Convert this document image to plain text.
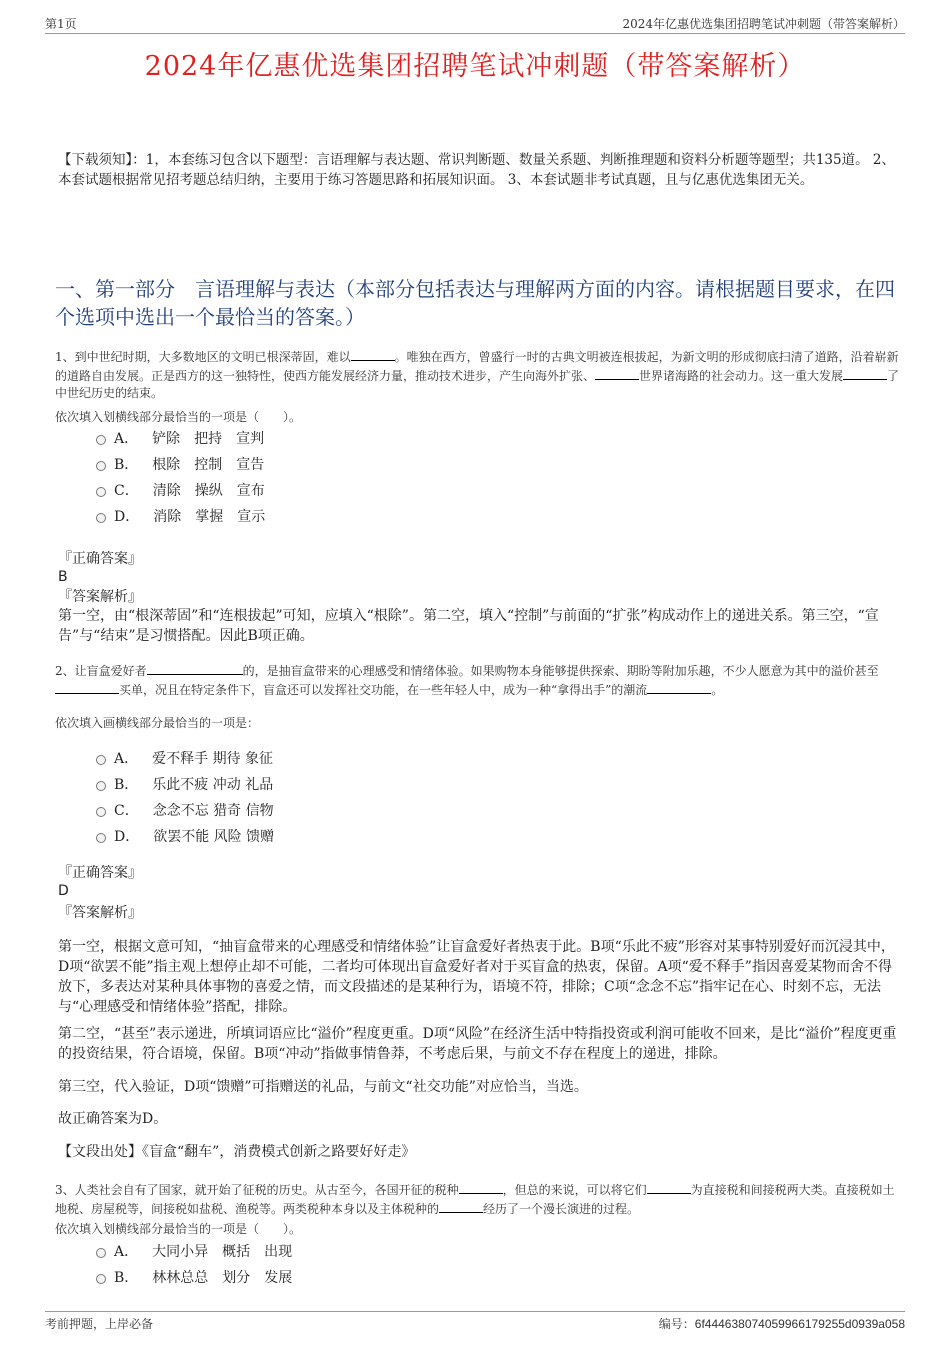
第1页	2024年亿惠优选集团招聘笔试冲刺题（带答案解析）
2024年亿惠优选集团招聘笔试冲刺题（带答案解析）
【下载须知】：1，本套练习包含以下题型：言语理解与表达题、常识判断题、数量关系题、判断推理题和资料分析题等题型；共135道。 2、本套试题根据常见招考题总结归纳，主要用于练习答题思路和拓展知识面。 3、本套试题非考试真题，且与亿惠优选集团无关。
一、第一部分　言语理解与表达（本部分包括表达与理解两方面的内容。请根据题目要求，在四个选项中选出一个最恰当的答案。）
1、到中世纪时期，大多数地区的文明已根深蒂固，难以	。唯独在西方，曾盛行一时的古典文明被连根拔起，为新文明的形成彻底扫清了道路，沿着崭新的道路自由发展。正是西方的这一独特性，使西方能发展经济力量，推动技术进步，产生向海外扩张、	世界诸海路的社会动力。这一重大发展	了中世纪历史的结束。
依次填入划横线部分最恰当的一项是（　　）。
A． 铲除　把持　宣判
B． 根除　控制　宣告
C． 清除　操纵　宣布
D． 消除　掌握　宣示
『正确答案』
B
『答案解析』
第一空，由“根深蒂固”和“连根拔起”可知，应填入“根除”。第二空，填入“控制”与前面的“扩张”构成动作上的递进关系。第三空，“宣告”与“结束”是习惯搭配。因此B项正确。
2、让盲盒爱好者	的，是抽盲盒带来的心理感受和情绪体验。如果购物本身能够提供探索、期盼等附加乐趣，不少人愿意为其中的溢价甚至买单，况且在特定条件下，盲盒还可以发挥社交功能，在一些年轻人中，成为一种“拿得出手”的潮流	。
依次填入画横线部分最恰当的一项是：
A． 爱不释手 期待 象征
B． 乐此不疲 冲动 礼品
C． 念念不忘 猎奇 信物
D． 欲罢不能 风险 馈赠
『正确答案』
D
『答案解析』
第一空，根据文意可知，“抽盲盒带来的心理感受和情绪体验”让盲盒爱好者热衷于此。B项“乐此不疲”形容对某事特别爱好而沉浸其中，D项“欲罢不能”指主观上想停止却不可能，二者均可体现出盲盒爱好者对于买盲盒的热衷，保留。A项“爱不释手”指因喜爱某物而舍不得放下，多表达对某种具体事物的喜爱之情，而文段描述的是某种行为，语境不符，排除；C项“念念不忘”指牢记在心、时刻不忘，无法与“心理感受和情绪体验”搭配，排除。
第二空，“甚至”表示递进，所填词语应比“溢价”程度更重。D项“风险”在经济生活中特指投资或利润可能收不回来，是比“溢价”程度更重的投资结果，符合语境，保留。B项“冲动”指做事情鲁莽，不考虑后果，与前文不存在程度上的递进，排除。
第三空，代入验证，D项“馈赠”可指赠送的礼品，与前文“社交功能”对应恰当，当选。
故正确答案为D。
【文段出处】《盲盒“翻车”，消费模式创新之路要好好走》
3、人类社会自有了国家，就开始了征税的历史。从古至今，各国开征的税种	，但总的来说，可以将它们	为直接税和间接税两大类。直接税如土地税、房屋税等，间接税如盐税、渔税等。两类税种本身以及主体税种的	经历了一个漫长演进的过程。
依次填入划横线部分最恰当的一项是（　　）。
A． 大同小异　概括　出现
B． 林林总总　划分　发展
考前押题，上岸必备	编号：6f444638074059966179255d0939a058
